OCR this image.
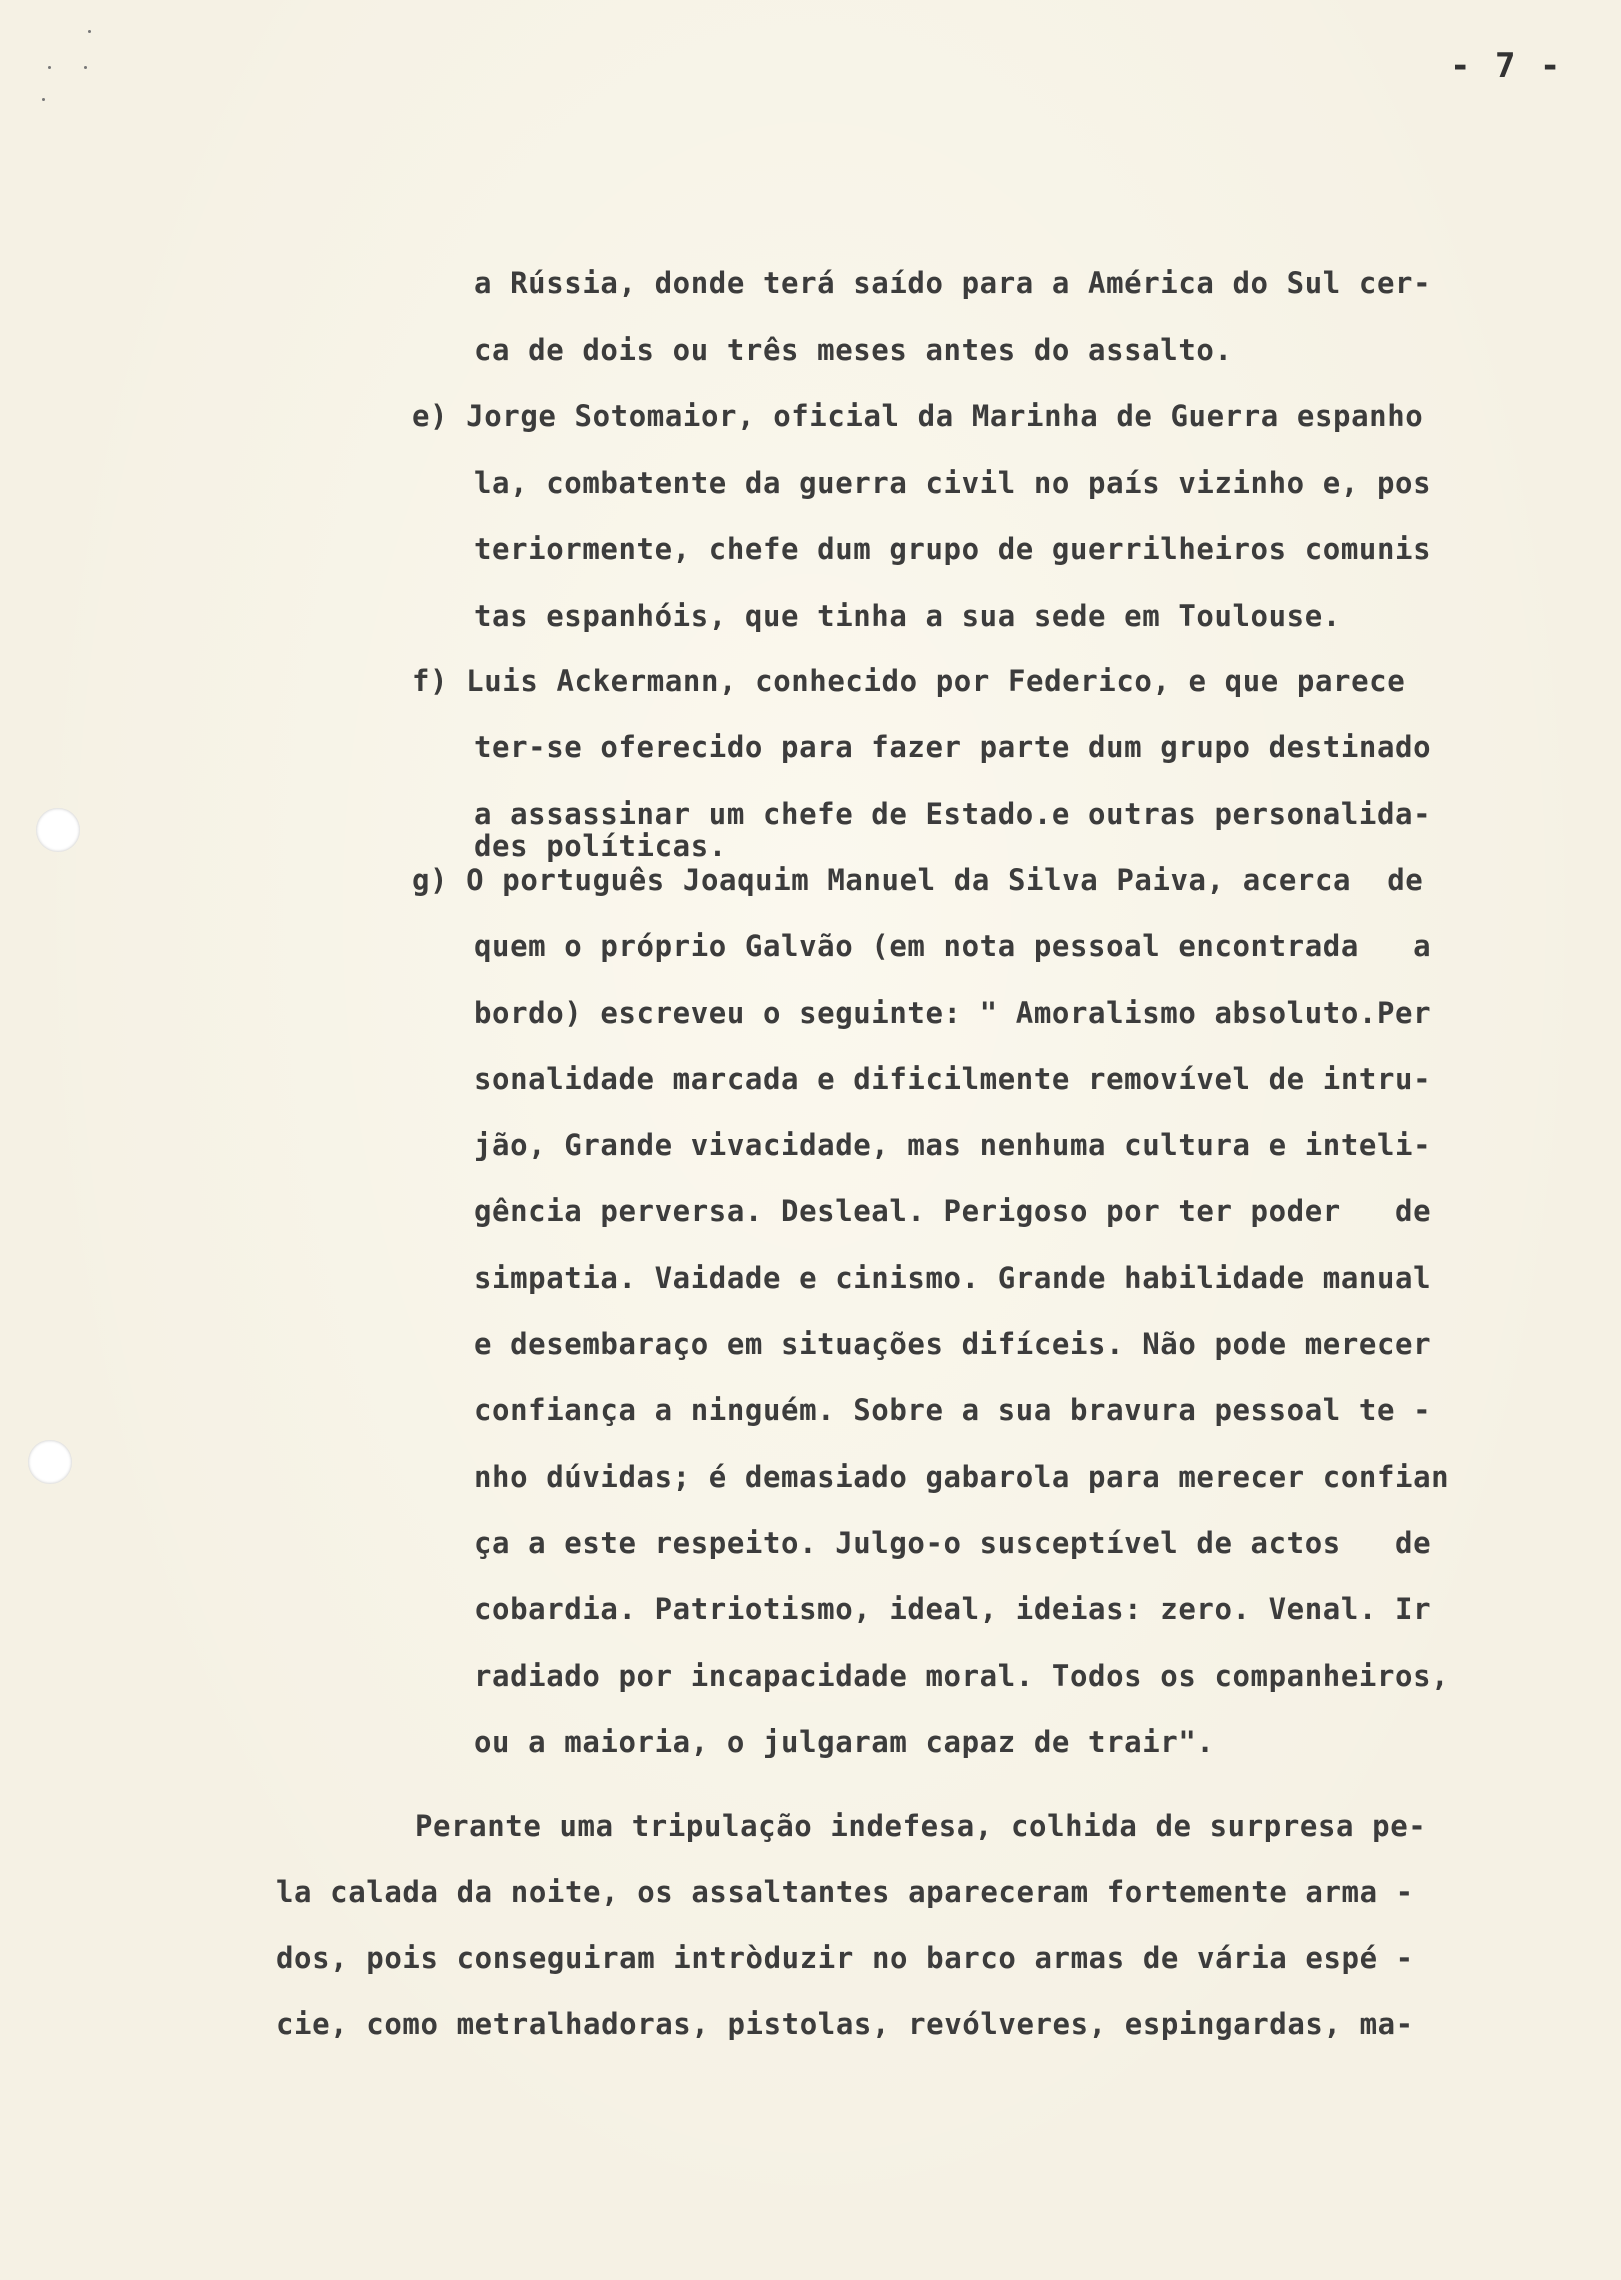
- 7 -
a Rússia, donde terá saído para a América do Sul cer-
ca de dois ou três meses antes do assalto.
e) Jorge Sotomaior, oficial da Marinha de Guerra espanho
la, combatente da guerra civil no país vizinho e, pos
teriormente, chefe dum grupo de guerrilheiros comunis
tas espanhóis, que tinha a sua sede em Toulouse.
f) Luis Ackermann, conhecido por Federico, e que parece
ter-se oferecido para fazer parte dum grupo destinado
a assassinar um chefe de Estado.e outras personalida-
des políticas.
g) O português Joaquim Manuel da Silva Paiva, acerca  de
quem o próprio Galvão (em nota pessoal encontrada   a
bordo) escreveu o seguinte: " Amoralismo absoluto.Per
sonalidade marcada e dificilmente removível de intru-
jão, Grande vivacidade, mas nenhuma cultura e inteli-
gência perversa. Desleal. Perigoso por ter poder   de
simpatia. Vaidade e cinismo. Grande habilidade manual
e desembaraço em situações difíceis. Não pode merecer
confiança a ninguém. Sobre a sua bravura pessoal te -
nho dúvidas; é demasiado gabarola para merecer confian
ça a este respeito. Julgo-o susceptível de actos   de
cobardia. Patriotismo, ideal, ideias: zero. Venal. Ir
radiado por incapacidade moral. Todos os companheiros,
ou a maioria, o julgaram capaz de trair".
Perante uma tripulação indefesa, colhida de surpresa pe-
la calada da noite, os assaltantes apareceram fortemente arma -
dos, pois conseguiram intròduzir no barco armas de vária espé -
cie, como metralhadoras, pistolas, revólveres, espingardas, ma-
